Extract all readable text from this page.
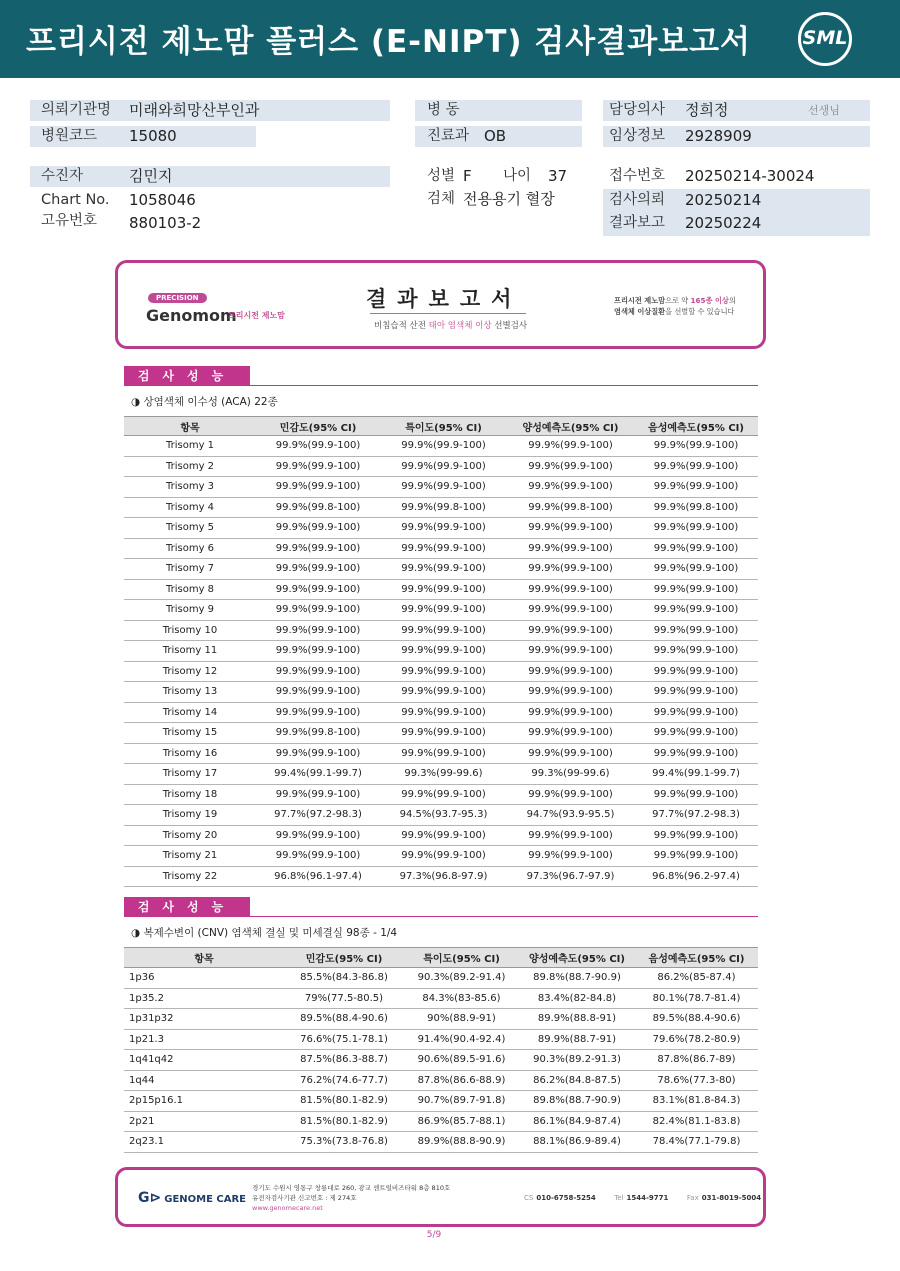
프리시전 제노맘 플러스 (E-NIPT) 검사결과보고서	SML
의뢰기관명 미래와희망산부인과
병원코드 15080
병 동
진료과 OB
담당의사 정희정	선생님
임상정보 2928909
수진자	김민지
Chart No. 1058046
고유번호 880103-2
성별 F 나이 37
검체 전용용기 혈장
접수번호 20250214-30024
검사의뢰 20250214
결과보고 20250224
PRECISION
Genomom
프리시전 제노맘
결과보고서
비침습적 산전 태아 염색체 이상 선별검사
프리시전 제노맘으로 약 165종 이상의
염색체 이상질환을 선별할 수 있습니다
검사성능
◑ 상염색체 이수성 (ACA) 22종
항목	민감도(95% CI)	특이도(95% CI)	양성예측도(95% CI)	음성예측도(95% CI)
Trisomy 1	99.9%(99.9-100)	99.9%(99.9-100)	99.9%(99.9-100)	99.9%(99.9-100)
Trisomy 2	99.9%(99.9-100)	99.9%(99.9-100)	99.9%(99.9-100)	99.9%(99.9-100)
Trisomy 3	99.9%(99.9-100)	99.9%(99.9-100)	99.9%(99.9-100)	99.9%(99.9-100)
Trisomy 4	99.9%(99.8-100)	99.9%(99.8-100)	99.9%(99.8-100)	99.9%(99.8-100)
Trisomy 5	99.9%(99.9-100)	99.9%(99.9-100)	99.9%(99.9-100)	99.9%(99.9-100)
Trisomy 6	99.9%(99.9-100)	99.9%(99.9-100)	99.9%(99.9-100)	99.9%(99.9-100)
Trisomy 7	99.9%(99.9-100)	99.9%(99.9-100)	99.9%(99.9-100)	99.9%(99.9-100)
Trisomy 8	99.9%(99.9-100)	99.9%(99.9-100)	99.9%(99.9-100)	99.9%(99.9-100)
Trisomy 9	99.9%(99.9-100)	99.9%(99.9-100)	99.9%(99.9-100)	99.9%(99.9-100)
Trisomy 10	99.9%(99.9-100)	99.9%(99.9-100)	99.9%(99.9-100)	99.9%(99.9-100)
Trisomy 11	99.9%(99.9-100)	99.9%(99.9-100)	99.9%(99.9-100)	99.9%(99.9-100)
Trisomy 12	99.9%(99.9-100)	99.9%(99.9-100)	99.9%(99.9-100)	99.9%(99.9-100)
Trisomy 13	99.9%(99.9-100)	99.9%(99.9-100)	99.9%(99.9-100)	99.9%(99.9-100)
Trisomy 14	99.9%(99.9-100)	99.9%(99.9-100)	99.9%(99.9-100)	99.9%(99.9-100)
Trisomy 15	99.9%(99.8-100)	99.9%(99.9-100)	99.9%(99.9-100)	99.9%(99.9-100)
Trisomy 16	99.9%(99.9-100)	99.9%(99.9-100)	99.9%(99.9-100)	99.9%(99.9-100)
Trisomy 17	99.4%(99.1-99.7)	99.3%(99-99.6)	99.3%(99-99.6)	99.4%(99.1-99.7)
Trisomy 18	99.9%(99.9-100)	99.9%(99.9-100)	99.9%(99.9-100)	99.9%(99.9-100)
Trisomy 19	97.7%(97.2-98.3)	94.5%(93.7-95.3)	94.7%(93.9-95.5)	97.7%(97.2-98.3)
Trisomy 20	99.9%(99.9-100)	99.9%(99.9-100)	99.9%(99.9-100)	99.9%(99.9-100)
Trisomy 21	99.9%(99.9-100)	99.9%(99.9-100)	99.9%(99.9-100)	99.9%(99.9-100)
Trisomy 22	96.8%(96.1-97.4)	97.3%(96.8-97.9)	97.3%(96.7-97.9)	96.8%(96.2-97.4)
검사성능
◑ 복제수변이 (CNV) 염색체 결실 및 미세결실 98종 - 1/4
항목	민감도(95% CI)	특이도(95% CI)	양성예측도(95% CI)	음성예측도(95% CI)
1p36	85.5%(84.3-86.8)	90.3%(89.2-91.4)	89.8%(88.7-90.9)	86.2%(85-87.4)
1p35.2	79%(77.5-80.5)	84.3%(83-85.6)	83.4%(82-84.8)	80.1%(78.7-81.4)
1p31p32	89.5%(88.4-90.6)	90%(88.9-91)	89.9%(88.8-91)	89.5%(88.4-90.6)
1p21.3	76.6%(75.1-78.1)	91.4%(90.4-92.4)	89.9%(88.7-91)	79.6%(78.2-80.9)
1q41q42	87.5%(86.3-88.7)	90.6%(89.5-91.6)	90.3%(89.2-91.3)	87.8%(86.7-89)
1q44	76.2%(74.6-77.7)	87.8%(86.6-88.9)	86.2%(84.8-87.5)	78.6%(77.3-80)
2p15p16.1	81.5%(80.1-82.9)	90.7%(89.7-91.8)	89.8%(88.7-90.9)	83.1%(81.8-84.3)
2p21	81.5%(80.1-82.9)	86.9%(85.7-88.1)	86.1%(84.9-87.4)	82.4%(81.1-83.8)
2q23.1	75.3%(73.8-76.8)	89.9%(88.8-90.9)	88.1%(86.9-89.4)	78.4%(77.1-79.8)
G⊳ GENOME CARE
경기도 수원시 영통구 창룡대로 260, 광교 센트럴비즈타워 8층 810호
유전자검사기관 신고번호 : 제 274호
www.genomecare.net
CS 010-6758-5254	Tel 1544-9771	Fax 031-8019-5004
5/9
